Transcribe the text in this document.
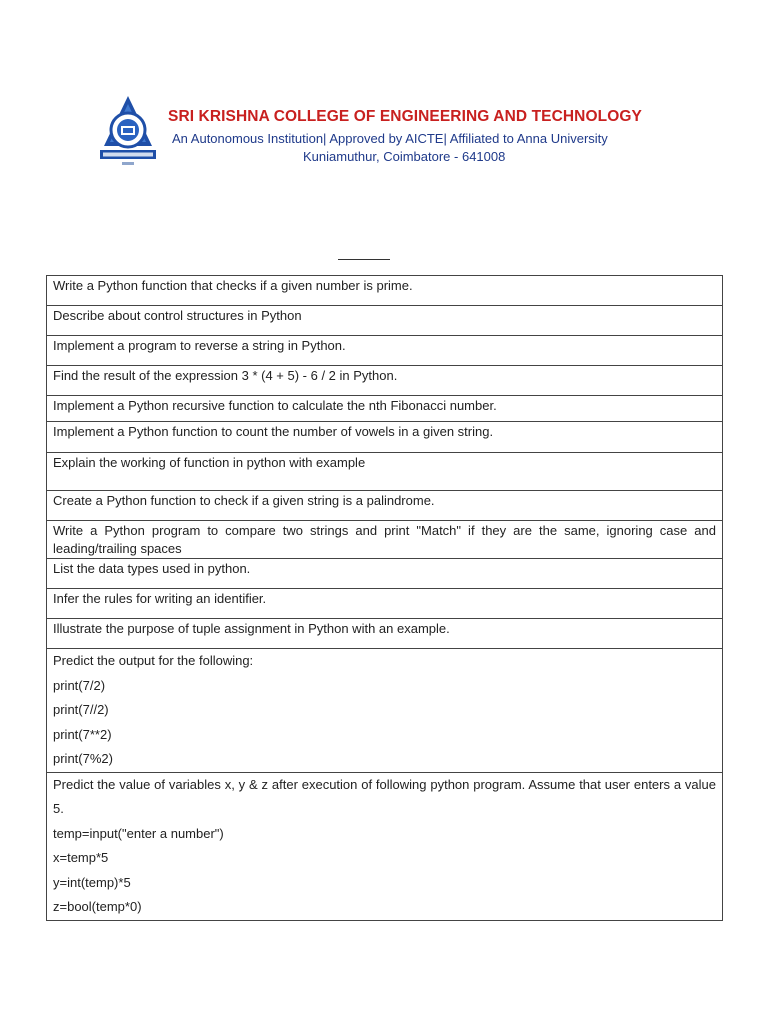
SRI KRISHNA COLLEGE OF ENGINEERING AND TECHNOLOGY
An Autonomous Institution| Approved by AICTE| Affiliated to Anna University
Kuniamuthur, Coimbatore - 641008
Write a Python function that checks if a given number is prime.

Describe about control structures in Python

Implement a program to reverse a string in Python.

Find the result of the expression 3 * (4 + 5) - 6 / 2 in Python.

Implement a Python recursive function to calculate the nth Fibonacci number.

Implement a Python function to count the number of vowels in a given string.

Explain the working of function in python with example

Create a Python function to check if a given string is a palindrome.

Write a Python program to compare two strings and print "Match" if they are the same, ignoring case and leading/trailing spaces

List the data types used in python.

Infer the rules for writing an identifier.

Illustrate the purpose of tuple assignment in Python with an example.

Predict the output for the following:
print(7/2)
print(7//2)
print(7**2)
print(7%2)

Predict the value of variables x, y & z after execution of following python program. Assume that user enters a value 5.
temp=input("enter a number")
x=temp*5
y=int(temp)*5
z=bool(temp*0)
